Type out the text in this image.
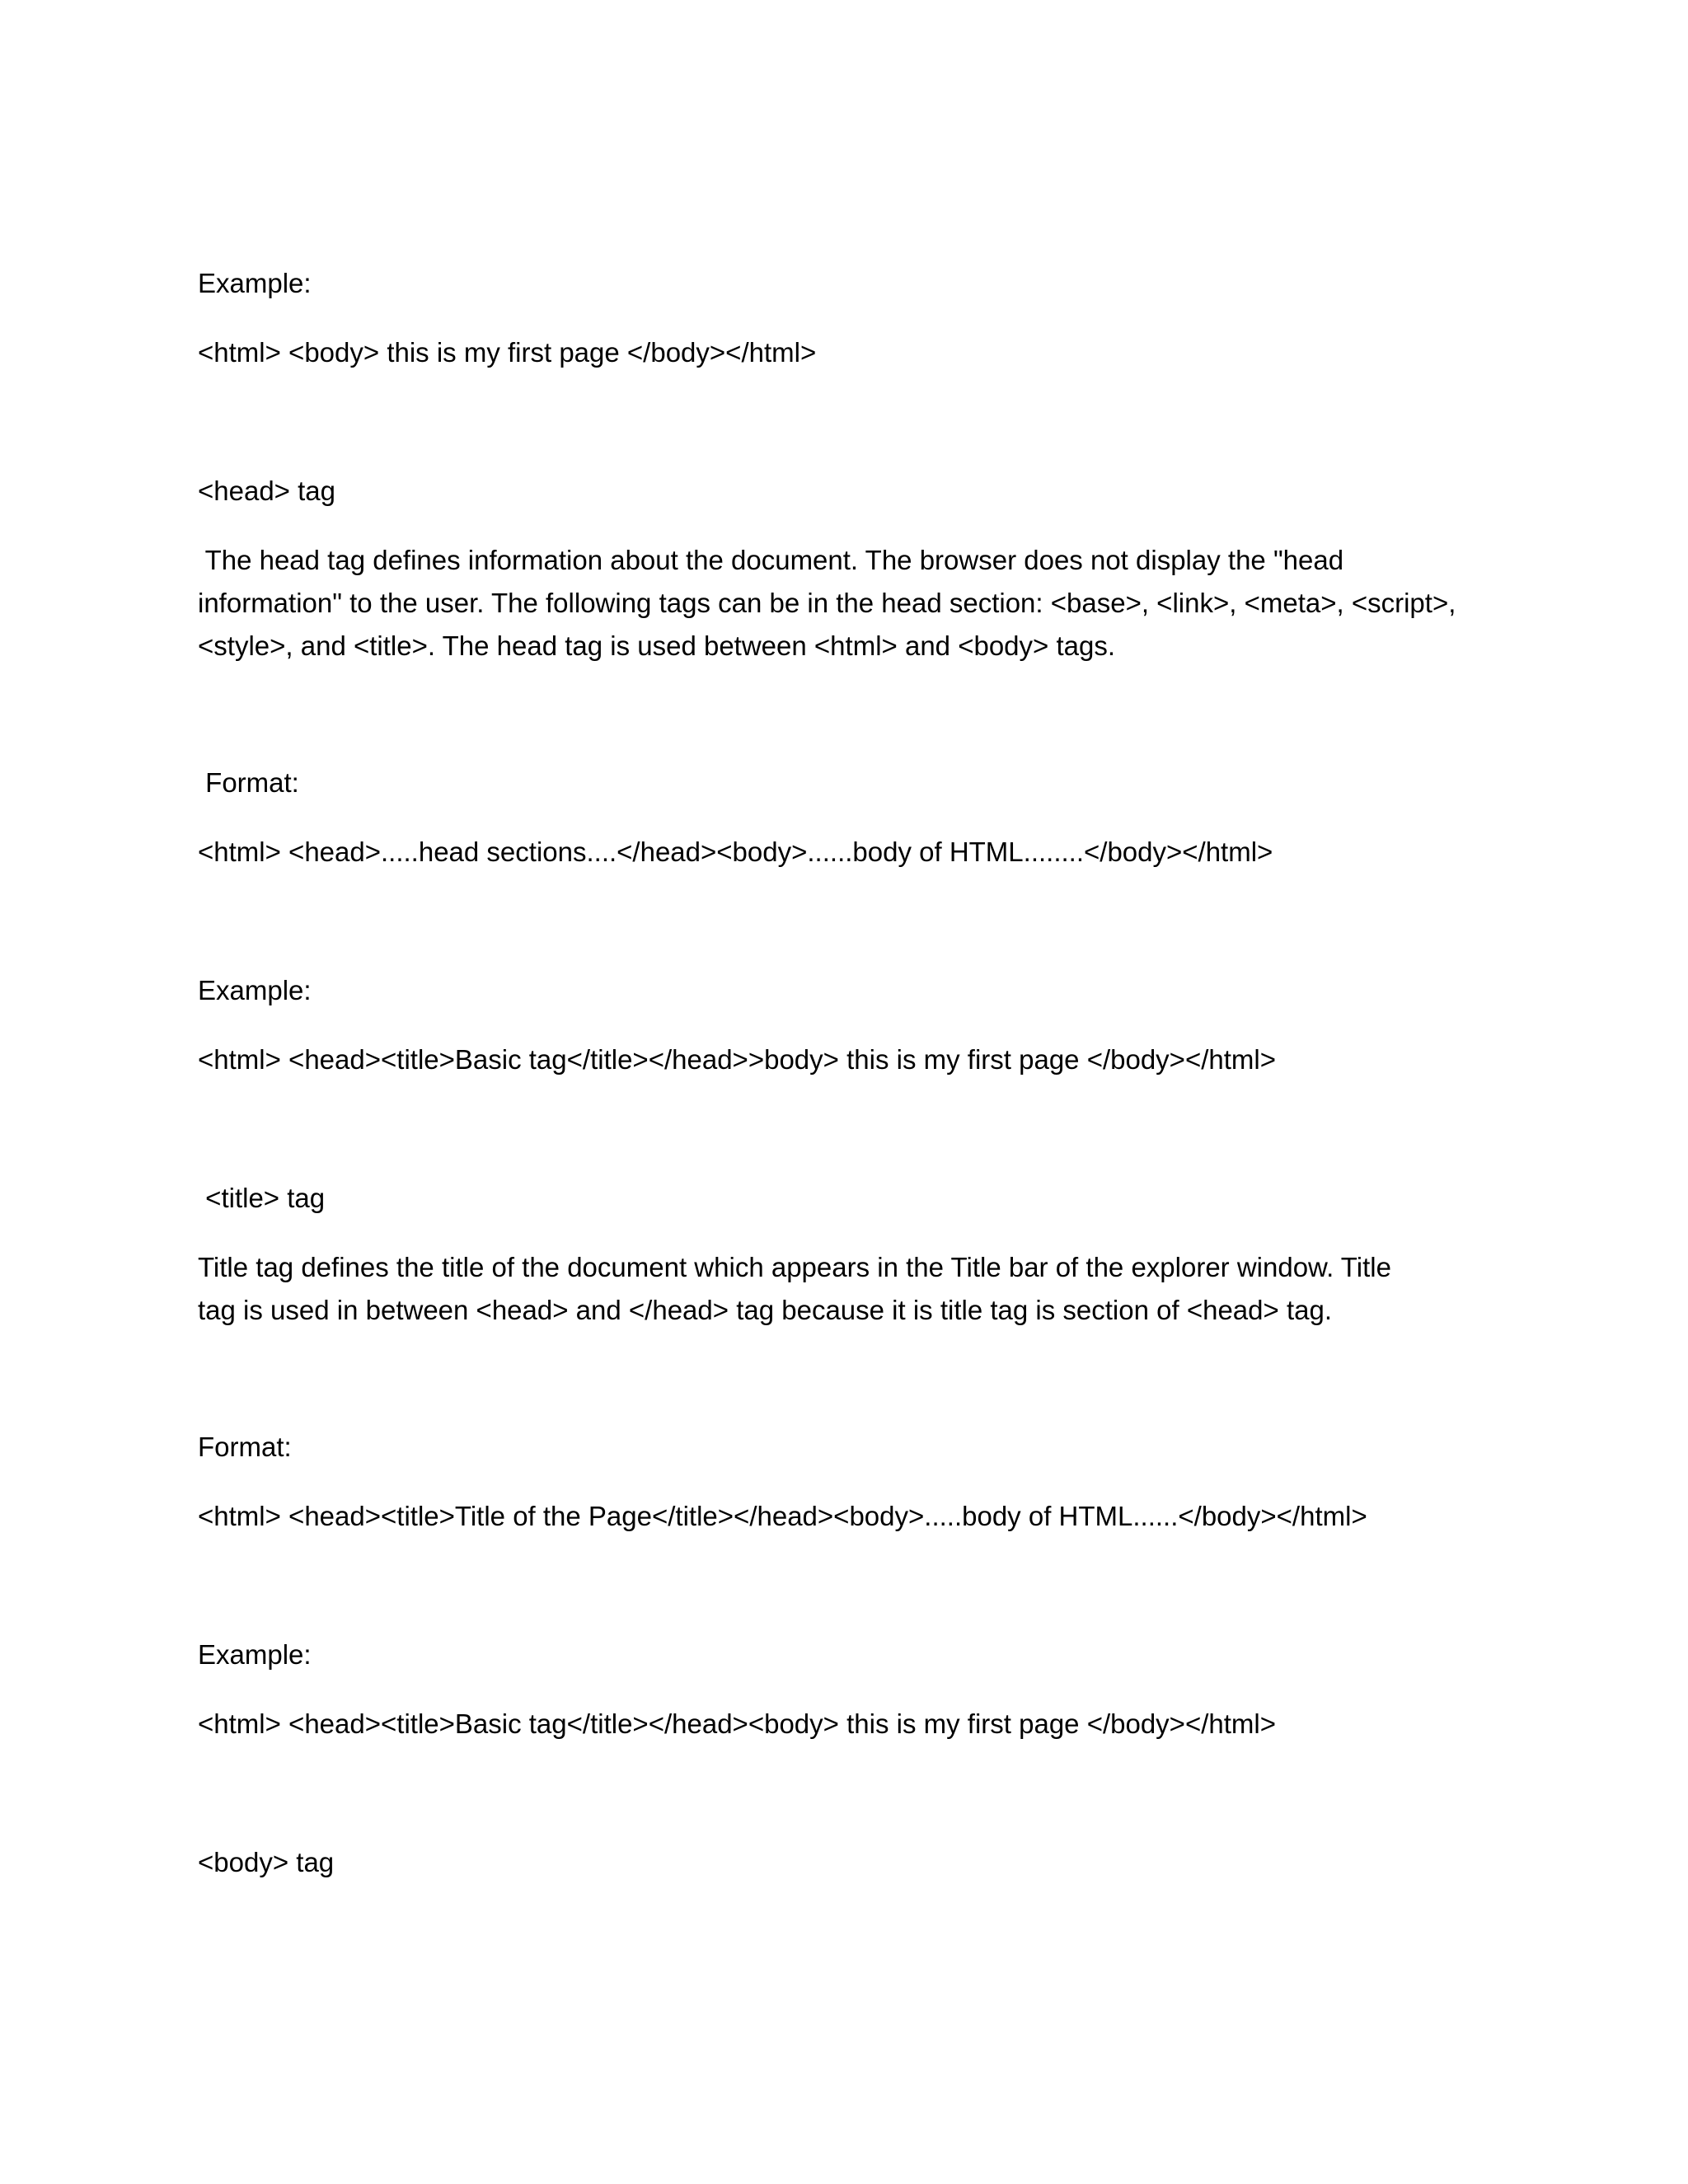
Example:

<html> <body> this is my first page </body></html>

<head> tag

The head tag defines information about the document. The browser does not display the "head
information" to the user. The following tags can be in the head section: <base>, <link>, <meta>, <script>,
<style>, and <title>. The head tag is used between <html> and <body> tags.

Format:

<html> <head>.....head sections....</head><body>......body of HTML........</body></html>

Example:

<html> <head><title>Basic tag</title></head>>body> this is my first page </body></html>

<title> tag

Title tag defines the title of the document which appears in the Title bar of the explorer window. Title
tag is used in between <head> and </head> tag because it is title tag is section of <head> tag.

Format:

<html> <head><title>Title of the Page</title></head><body>.....body of HTML......</body></html>

Example:

<html> <head><title>Basic tag</title></head><body> this is my first page </body></html>

<body> tag
